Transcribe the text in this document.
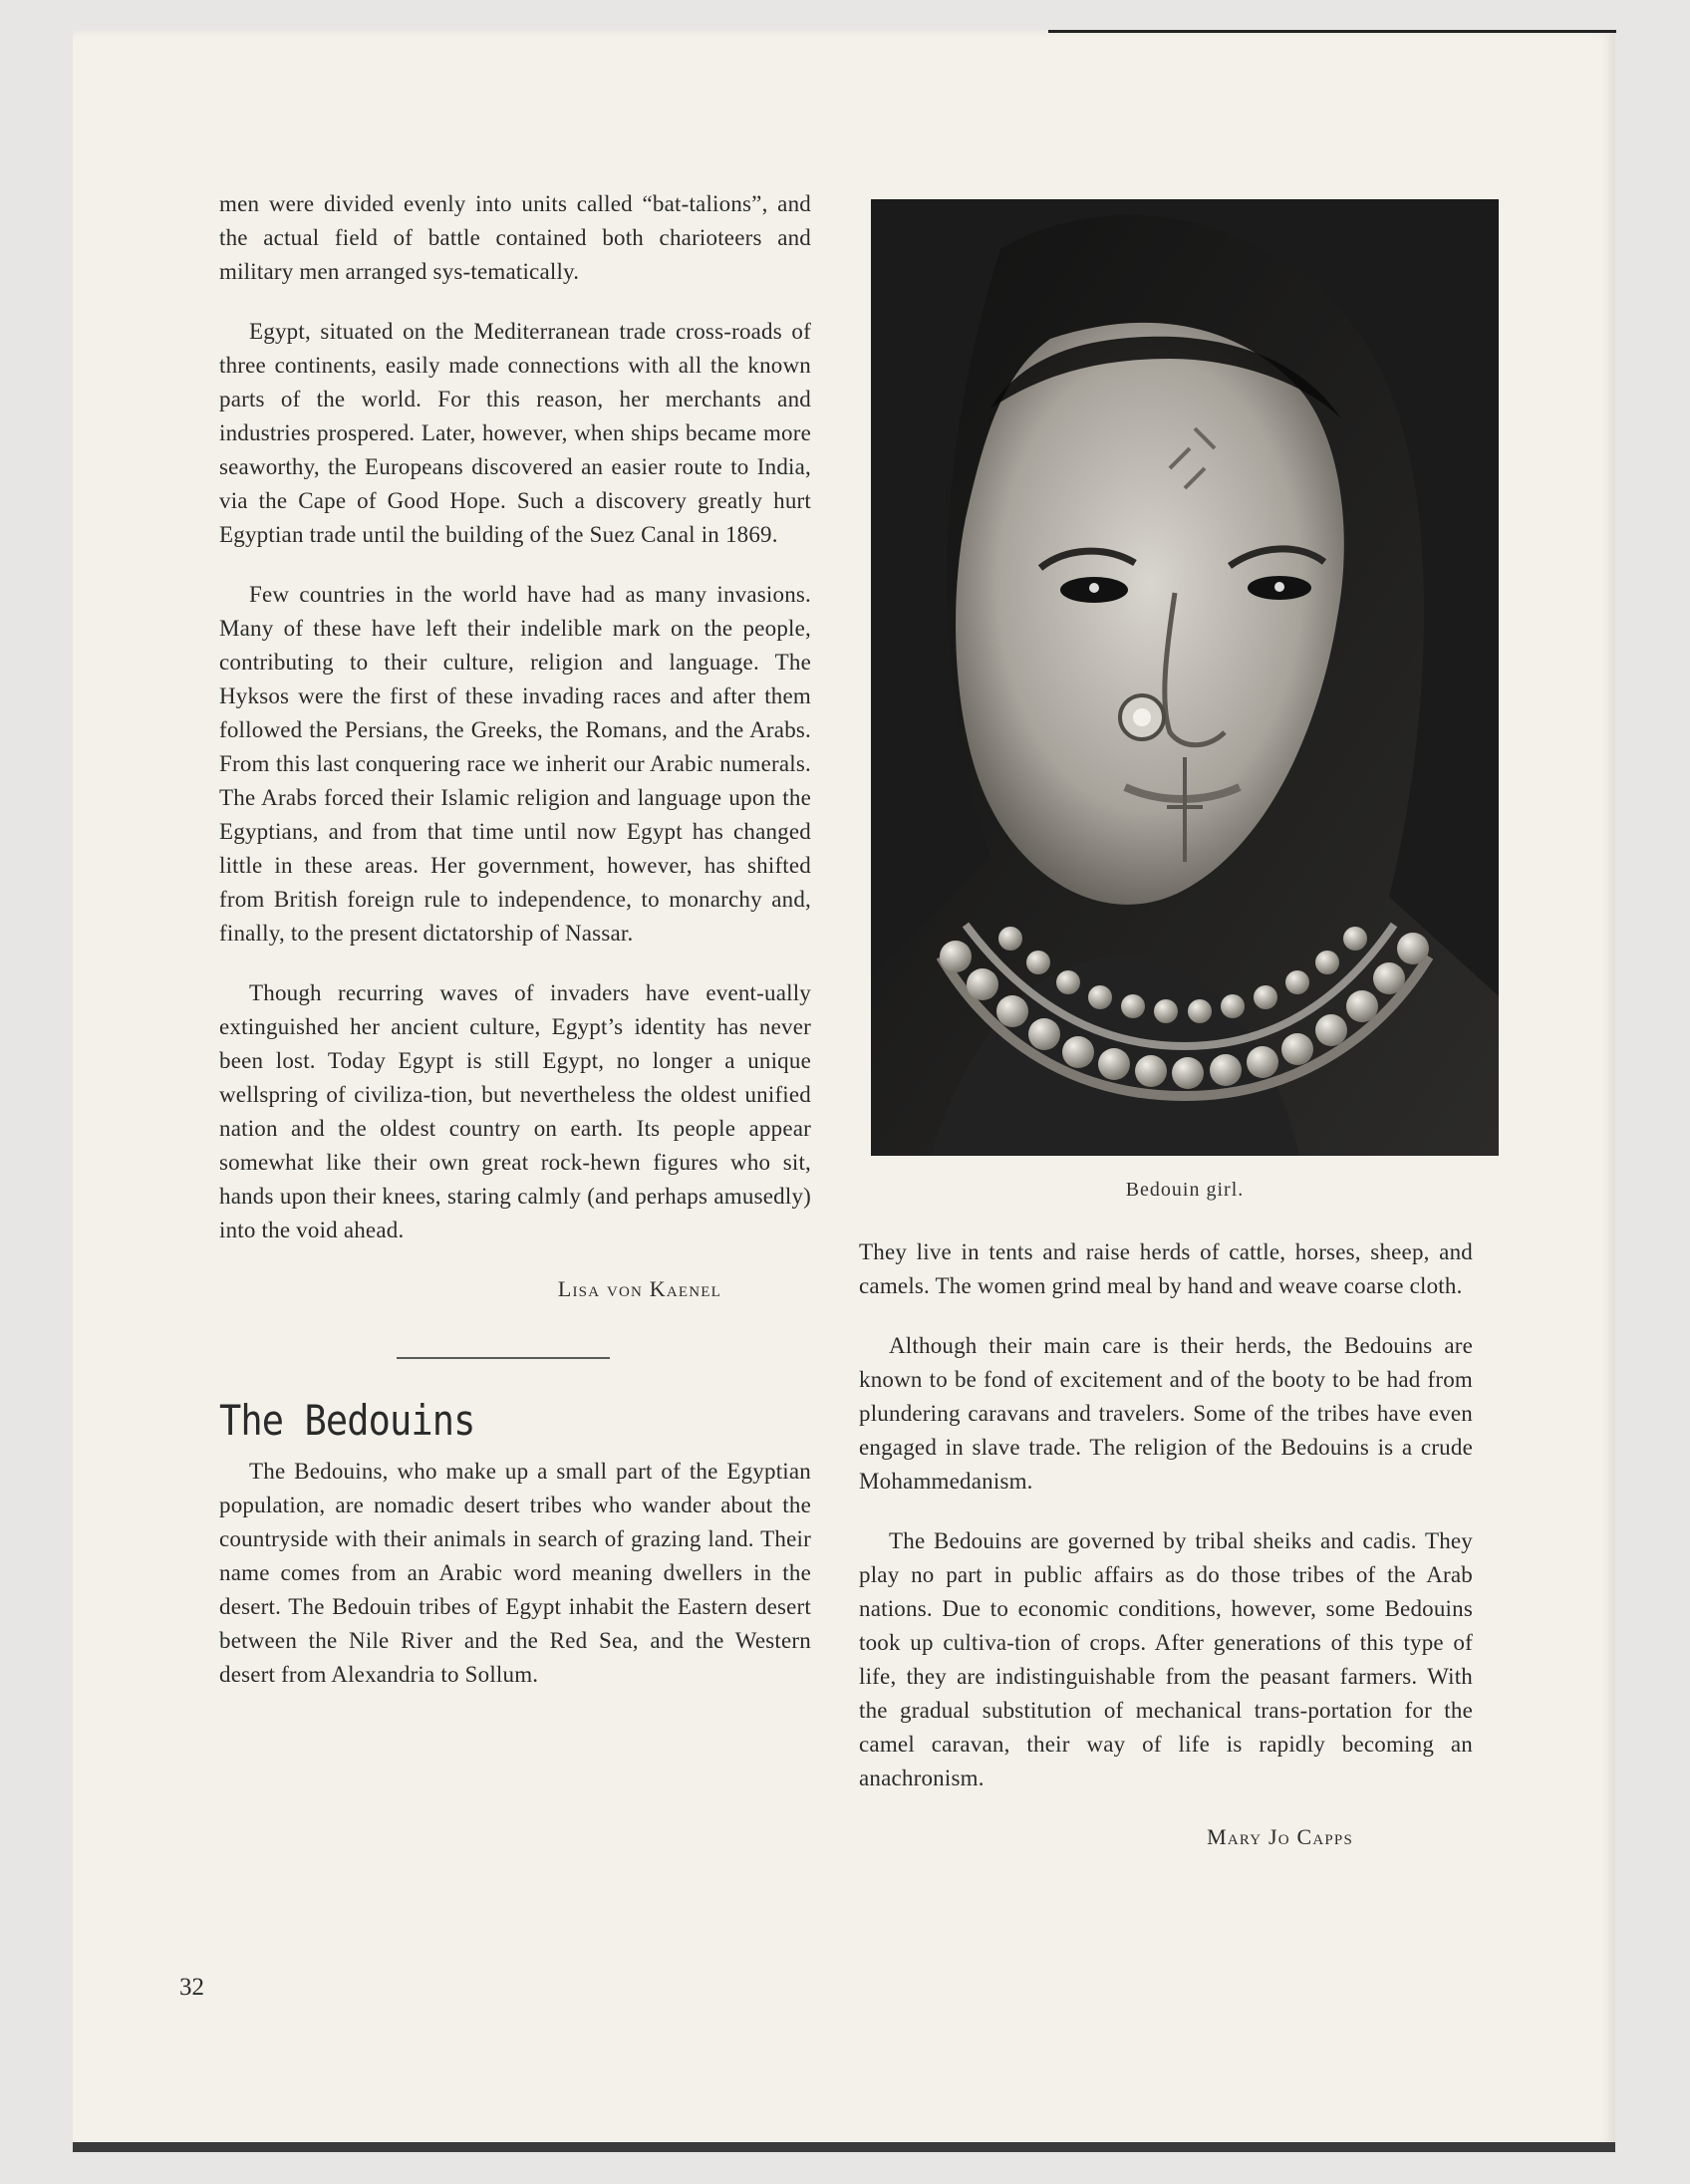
men were divided evenly into units called “bat‑talions”, and the actual field of battle contained both charioteers and military men arranged sys‑tematically.

Egypt, situated on the Mediterranean trade cross‑roads of three continents, easily made connections with all the known parts of the world. For this reason, her merchants and industries prospered. Later, however, when ships became more seaworthy, the Europeans discovered an easier route to India, via the Cape of Good Hope. Such a discovery greatly hurt Egyptian trade until the building of the Suez Canal in 1869.

Few countries in the world have had as many invasions. Many of these have left their indelible mark on the people, contributing to their culture, religion and language. The Hyksos were the first of these invading races and after them followed the Persians, the Greeks, the Romans, and the Arabs. From this last conquering race we inherit our Arabic numerals. The Arabs forced their Islamic religion and language upon the Egyptians, and from that time until now Egypt has changed little in these areas. Her government, however, has shifted from British foreign rule to independence, to monarchy and, finally, to the present dictatorship of Nassar.

Though recurring waves of invaders have event‑ually extinguished her ancient culture, Egypt’s identity has never been lost. Today Egypt is still Egypt, no longer a unique wellspring of civiliza‑tion, but nevertheless the oldest unified nation and the oldest country on earth. Its people appear somewhat like their own great rock‑hewn figures who sit, hands upon their knees, staring calmly (and perhaps amusedly) into the void ahead.

Lisa von Kaenel
The Bedouins

The Bedouins, who make up a small part of the Egyptian population, are nomadic desert tribes who wander about the countryside with their animals in search of grazing land. Their name comes from an Arabic word meaning dwellers in the desert. The Bedouin tribes of Egypt inhabit the Eastern desert between the Nile River and the Red Sea, and the Western desert from Alexandria to Sollum.

Bedouin girl.

They live in tents and raise herds of cattle, horses, sheep, and camels. The women grind meal by hand and weave coarse cloth.

Although their main care is their herds, the Bedouins are known to be fond of excitement and of the booty to be had from plundering caravans and travelers. Some of the tribes have even engaged in slave trade. The religion of the Bedouins is a crude Mohammedanism.

The Bedouins are governed by tribal sheiks and cadis. They play no part in public affairs as do those tribes of the Arab nations. Due to economic conditions, however, some Bedouins took up cultiva‑tion of crops. After generations of this type of life, they are indistinguishable from the peasant farmers. With the gradual substitution of mechanical trans‑portation for the camel caravan, their way of life is rapidly becoming an anachronism.

Mary Jo Capps
32
